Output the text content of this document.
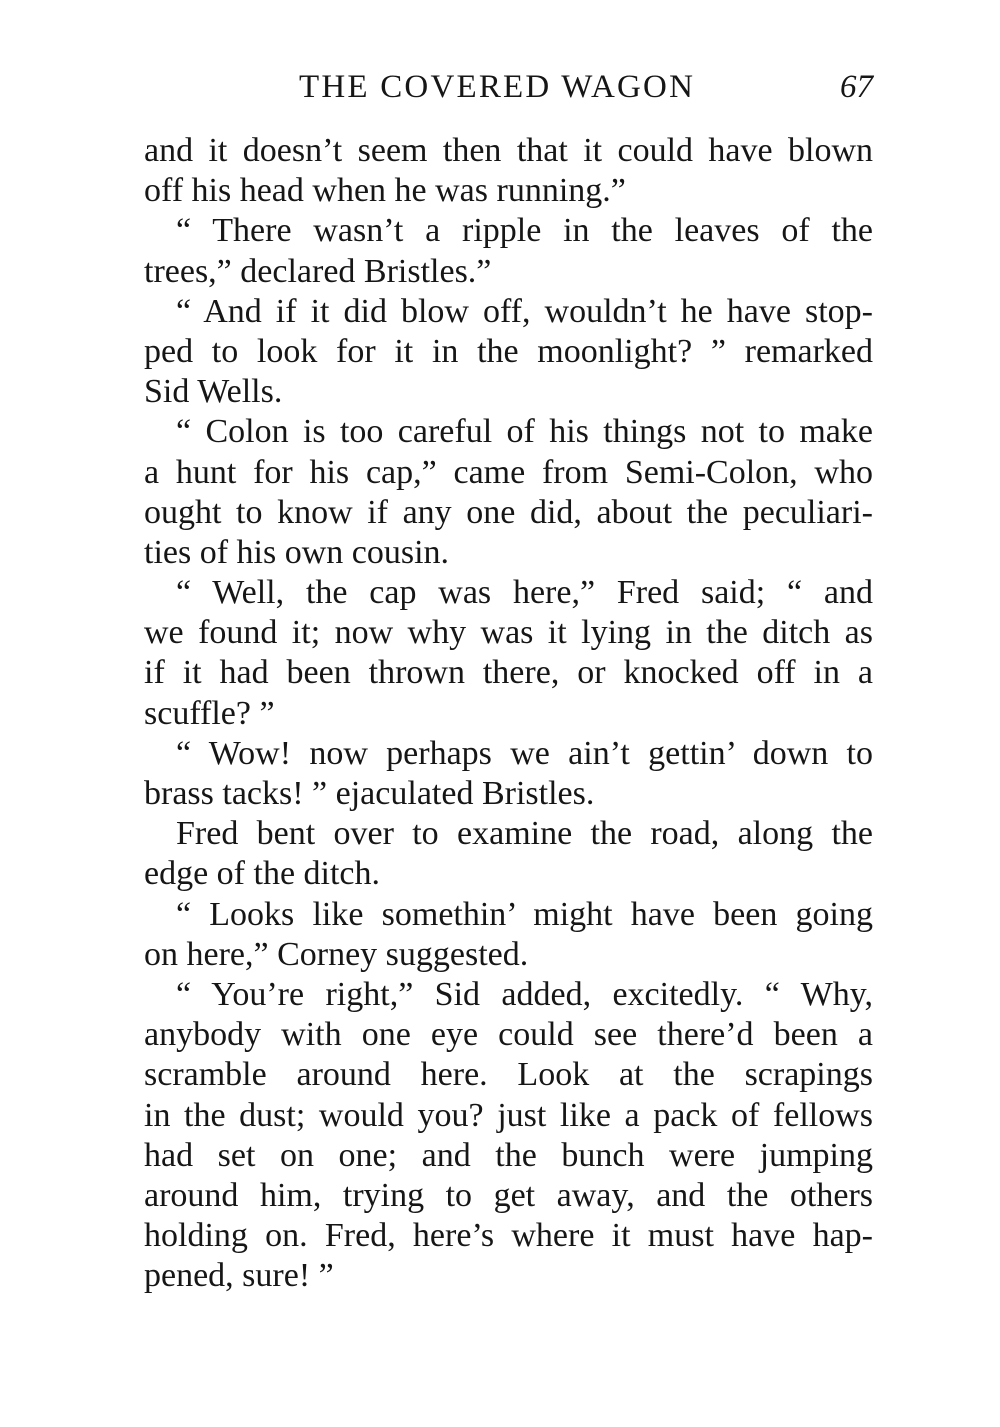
THE COVERED WAGON	67
and it doesn’t seem then that it could have blown
off his head when he was running.”
“ There wasn’t a ripple in the leaves of the
trees,” declared Bristles.”
“ And if it did blow off, wouldn’t he have stop-
ped to look for it in the moonlight? ” remarked
Sid Wells.
“ Colon is too careful of his things not to make
a hunt for his cap,” came from Semi-Colon, who
ought to know if any one did, about the peculiari-
ties of his own cousin.
“ Well, the cap was here,” Fred said; “ and
we found it; now why was it lying in the ditch as
if it had been thrown there, or knocked off in a
scuffle? ”
“ Wow! now perhaps we ain’t gettin’ down to
brass tacks! ” ejaculated Bristles.
Fred bent over to examine the road, along the
edge of the ditch.
“ Looks like somethin’ might have been going
on here,” Corney suggested.
“ You’re right,” Sid added, excitedly. “ Why,
anybody with one eye could see there’d been a
scramble around here. Look at the scrapings
in the dust; would you? just like a pack of fellows
had set on one; and the bunch were jumping
around him, trying to get away, and the others
holding on. Fred, here’s where it must have hap-
pened, sure! ”
